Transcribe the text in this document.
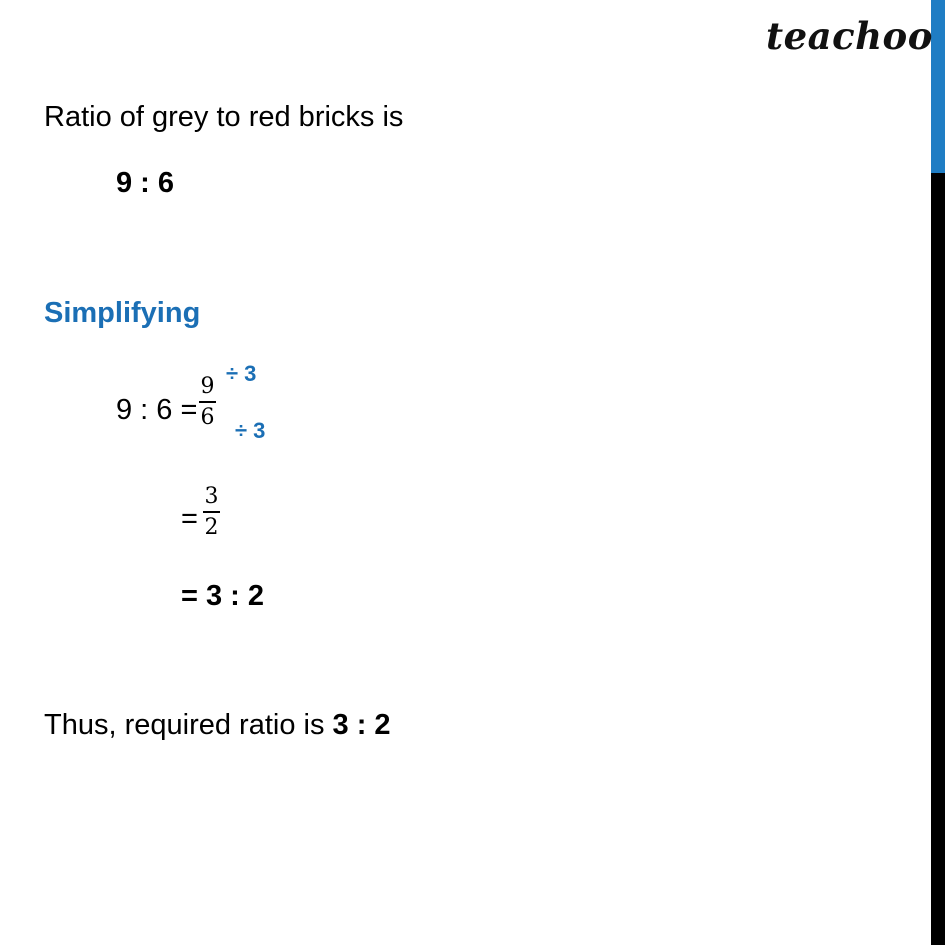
teachoo
Ratio of grey to red bricks is
9 : 6
Simplifying
9 : 6 =
9
6
÷ 3
÷ 3
=
3
2
= 3 : 2
Thus, required ratio is 3 : 2
